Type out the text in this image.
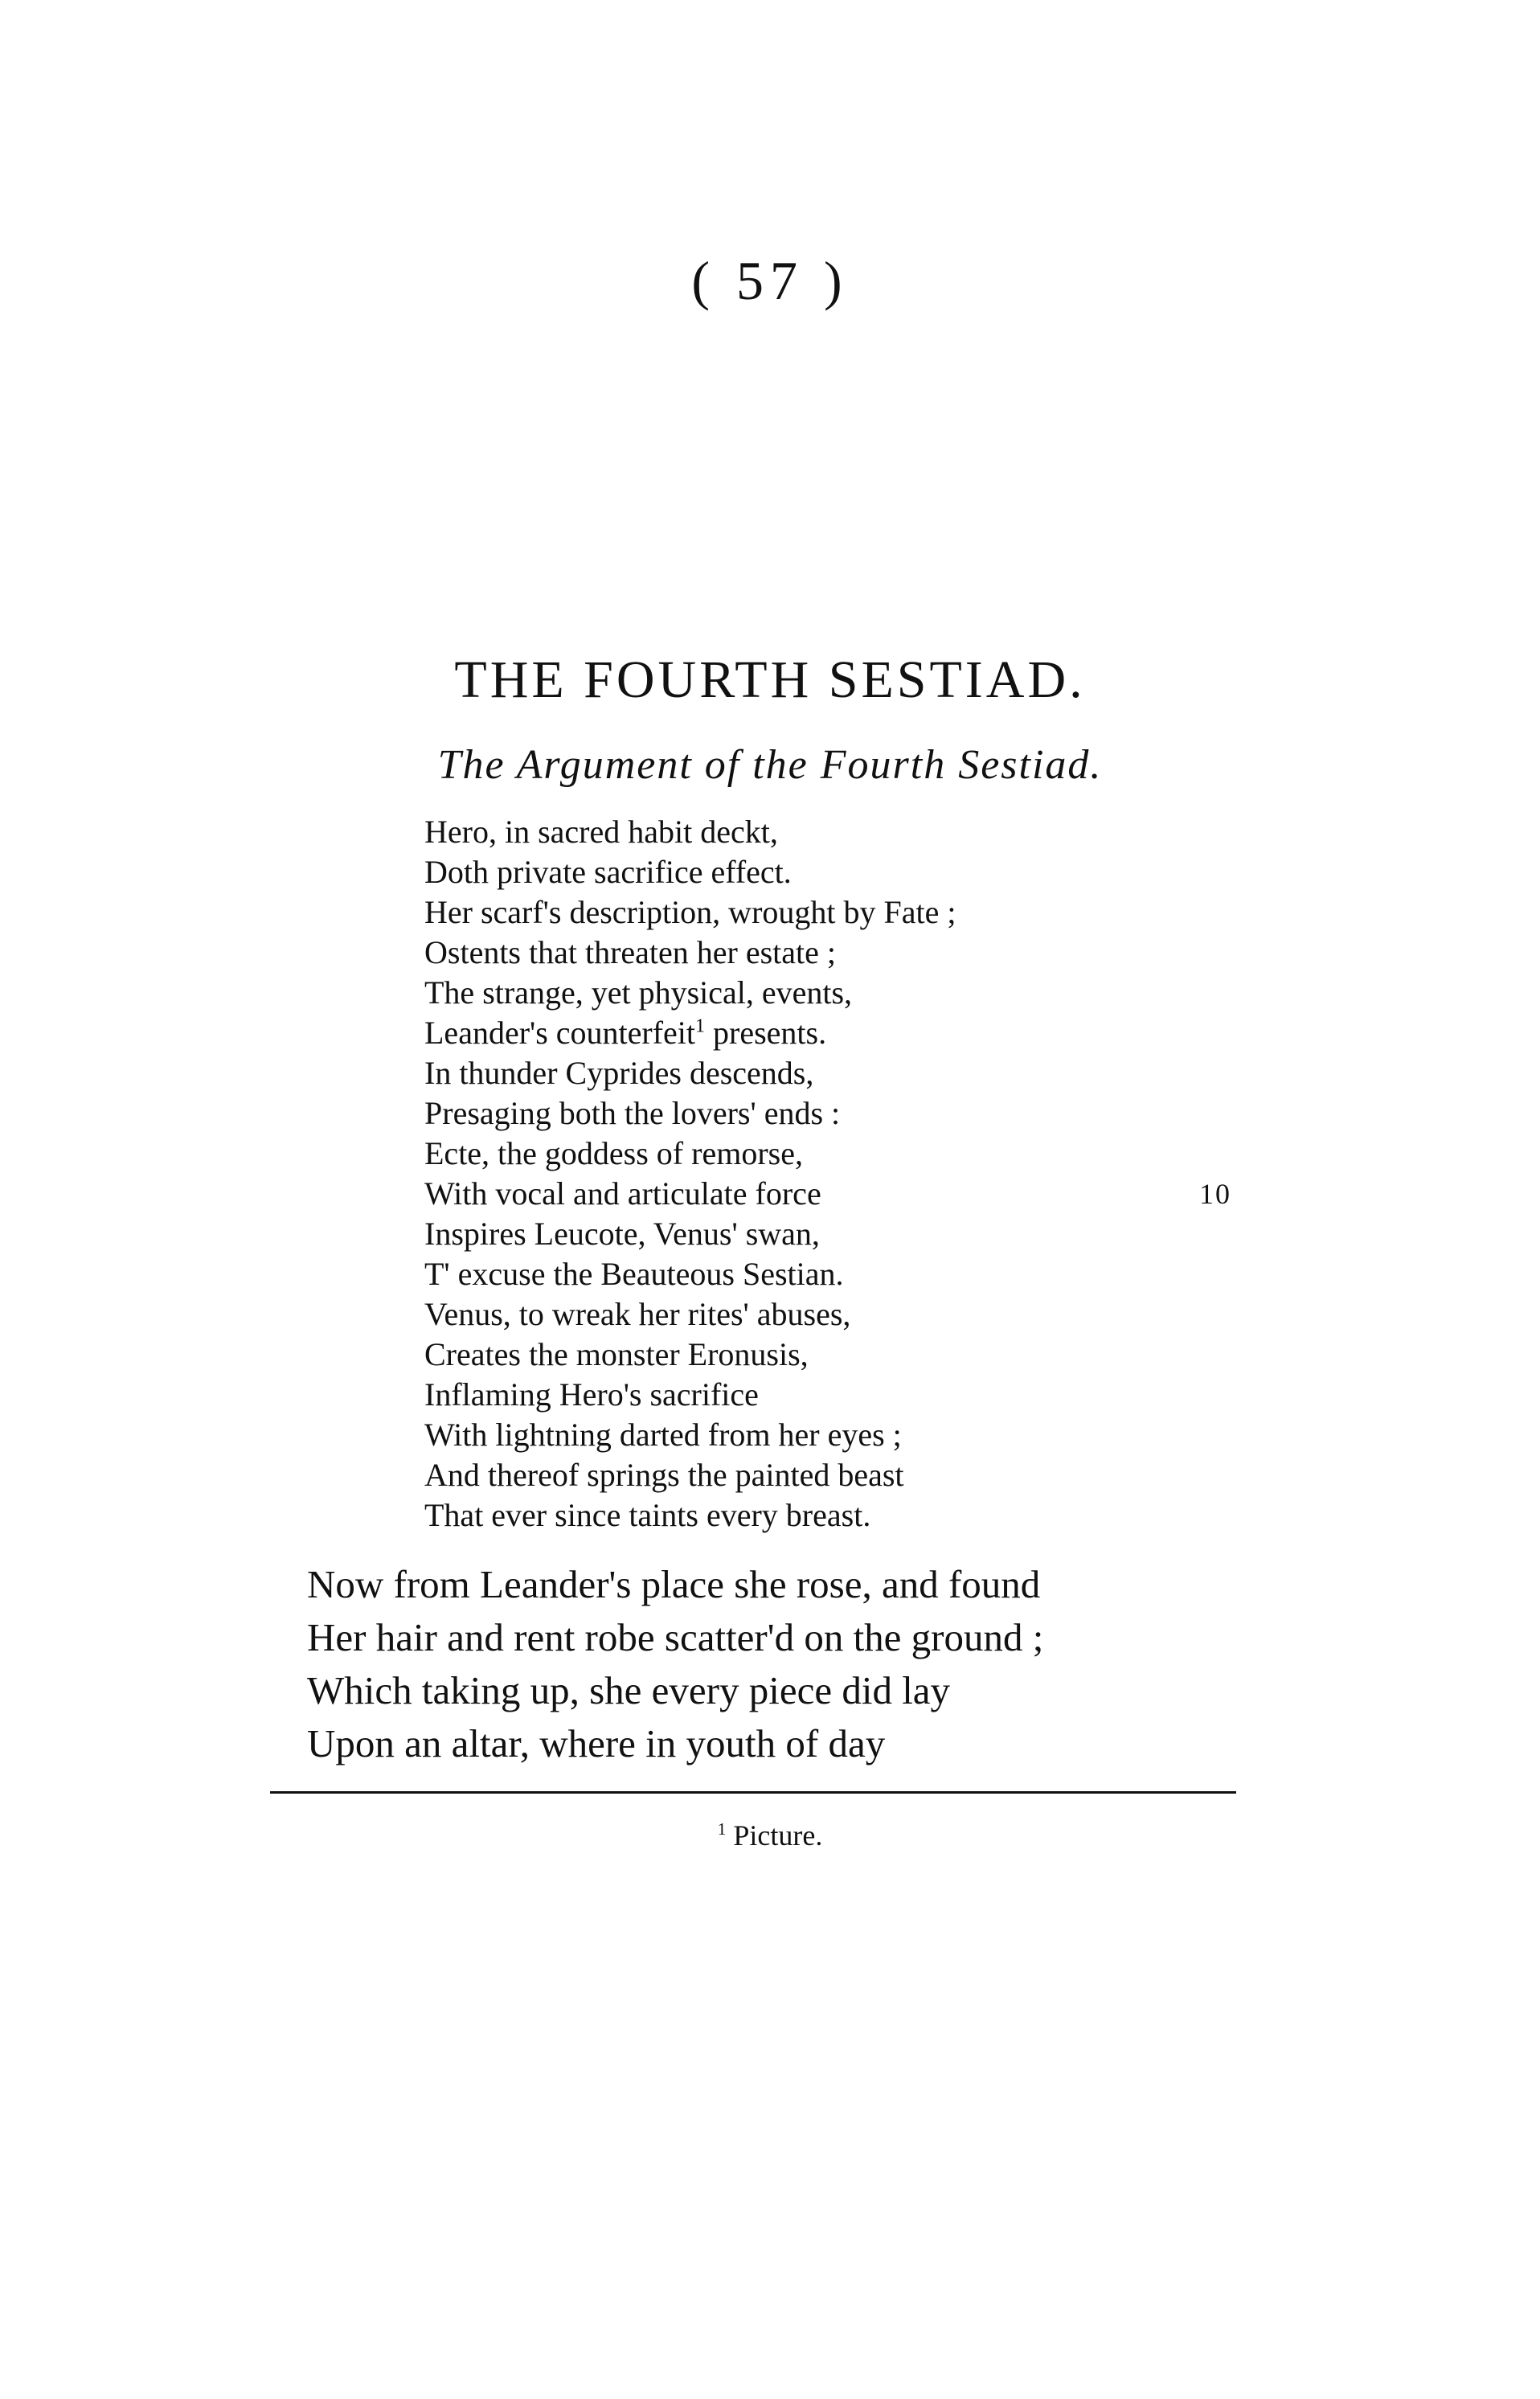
( 57 )
THE FOURTH SESTIAD.
The Argument of the Fourth Sestiad.
Hero, in sacred habit deckt,
Doth private sacrifice effect.
Her scarf's description, wrought by Fate ;
Ostents that threaten her estate ;
The strange, yet physical, events,
Leander's counterfeit$^1$ presents.
In thunder Cyprides descends,
Presaging both the lovers' ends :
Ecte, the goddess of remorse,
With vocal and articulate force	10
Inspires Leucote, Venus' swan,
T' excuse the Beauteous Sestian.
Venus, to wreak her rites' abuses,
Creates the monster Eronusis,
Inflaming Hero's sacrifice
With lightning darted from her eyes ;
And thereof springs the painted beast
That ever since taints every breast.
Now from Leander's place she rose, and found
Her hair and rent robe scatter'd on the ground ;
Which taking up, she every piece did lay
Upon an altar, where in youth of day
$^1$ Picture.
